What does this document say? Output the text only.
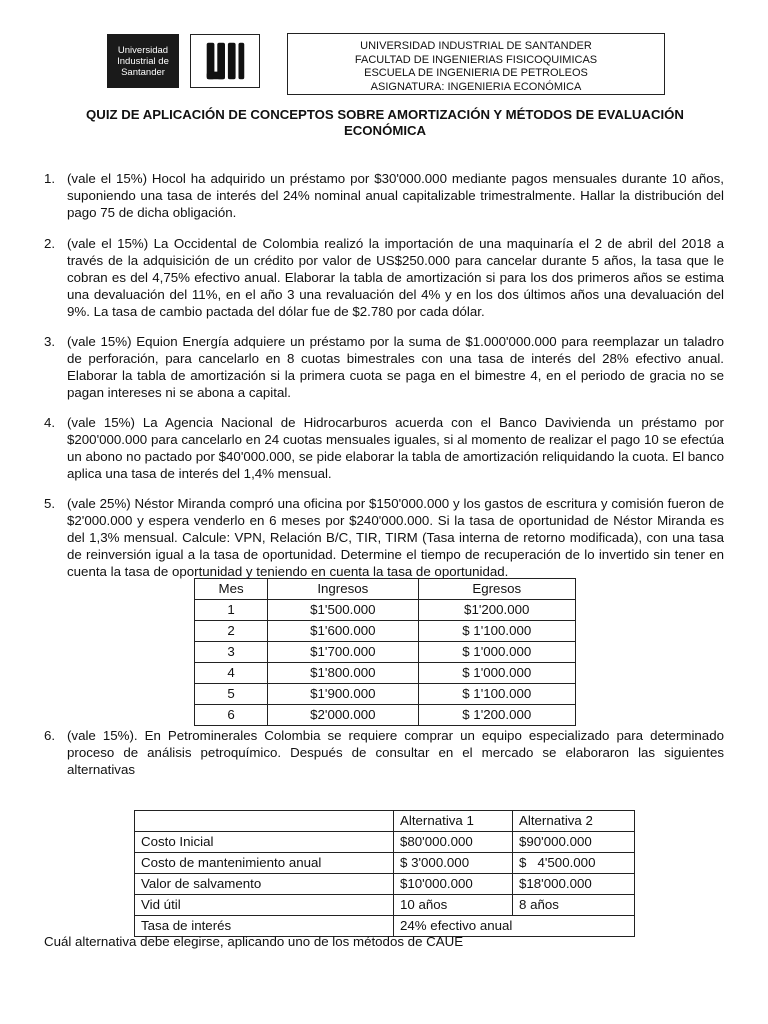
Universidad
Industrial de
Santander
UNIVERSIDAD INDUSTRIAL DE SANTANDER
FACULTAD DE INGENIERIAS FISICOQUIMICAS
ESCUELA DE INGENIERIA DE PETROLEOS
ASIGNATURA: INGENIERIA ECONÓMICA
QUIZ DE APLICACIÓN DE CONCEPTOS SOBRE AMORTIZACIÓN Y MÉTODOS DE EVALUACIÓN ECONÓMICA
1. (vale el 15%) Hocol ha adquirido un préstamo por $30'000.000 mediante pagos mensuales durante 10 años, suponiendo una tasa de interés del 24% nominal anual capitalizable trimestralmente. Hallar la distribución del pago 75 de dicha obligación.
2. (vale el 15%) La Occidental de Colombia realizó la importación de una maquinaría el 2 de abril del 2018 a través de la adquisición de un crédito por valor de US$250.000 para cancelar durante 5 años, la tasa que le cobran es del 4,75% efectivo anual. Elaborar la tabla de amortización si para los dos primeros años se estima una devaluación del 11%, en el año 3 una revaluación del 4% y en los dos últimos años una devaluación del 9%. La tasa de cambio pactada del dólar fue de $2.780 por cada dólar.
3. (vale 15%) Equion Energía adquiere un préstamo por la suma de $1.000'000.000 para reemplazar un taladro de perforación, para cancelarlo en 8 cuotas bimestrales con una tasa de interés del 28% efectivo anual. Elaborar la tabla de amortización si la primera cuota se paga en el bimestre 4, en el periodo de gracia no se pagan intereses ni se abona a capital.
4. (vale 15%) La Agencia Nacional de Hidrocarburos acuerda con el Banco Davivienda un préstamo por $200'000.000 para cancelarlo en 24 cuotas mensuales iguales, si al momento de realizar el pago 10 se efectúa un abono no pactado por $40'000.000, se pide elaborar la tabla de amortización reliquidando la cuota. El banco aplica una tasa de interés del 1,4% mensual.
5. (vale 25%) Néstor Miranda compró una oficina por $150'000.000 y los gastos de escritura y comisión fueron de $2'000.000 y espera venderlo en 6 meses por $240'000.000. Si la tasa de oportunidad de Néstor Miranda es del 1,3% mensual. Calcule: VPN, Relación B/C, TIR, TIRM (Tasa interna de retorno modificada), con una tasa de reinversión igual a la tasa de oportunidad. Determine el tiempo de recuperación de lo invertido sin tener en cuenta la tasa de oportunidad y teniendo en cuenta la tasa de oportunidad.
Mes	Ingresos	Egresos
1	$1'500.000	$1'200.000
2	$1'600.000	$ 1'100.000
3	$1'700.000	$ 1'000.000
4	$1'800.000	$ 1'000.000
5	$1'900.000	$ 1'100.000
6	$2'000.000	$ 1'200.000
6. (vale 15%). En Petrominerales Colombia se requiere comprar un equipo especializado para determinado proceso de análisis petroquímico. Después de consultar en el mercado se elaboraron las siguientes alternativas
	Alternativa 1	Alternativa 2
Costo Inicial	$80'000.000	$90'000.000
Costo de mantenimiento anual	$ 3'000.000	$   4'500.000
Valor de salvamento	$10'000.000	$18'000.000
Vid útil	10 años	8 años
Tasa de interés	24% efectivo anual	
Cuál alternativa debe elegirse, aplicando uno de los métodos de CAUE
